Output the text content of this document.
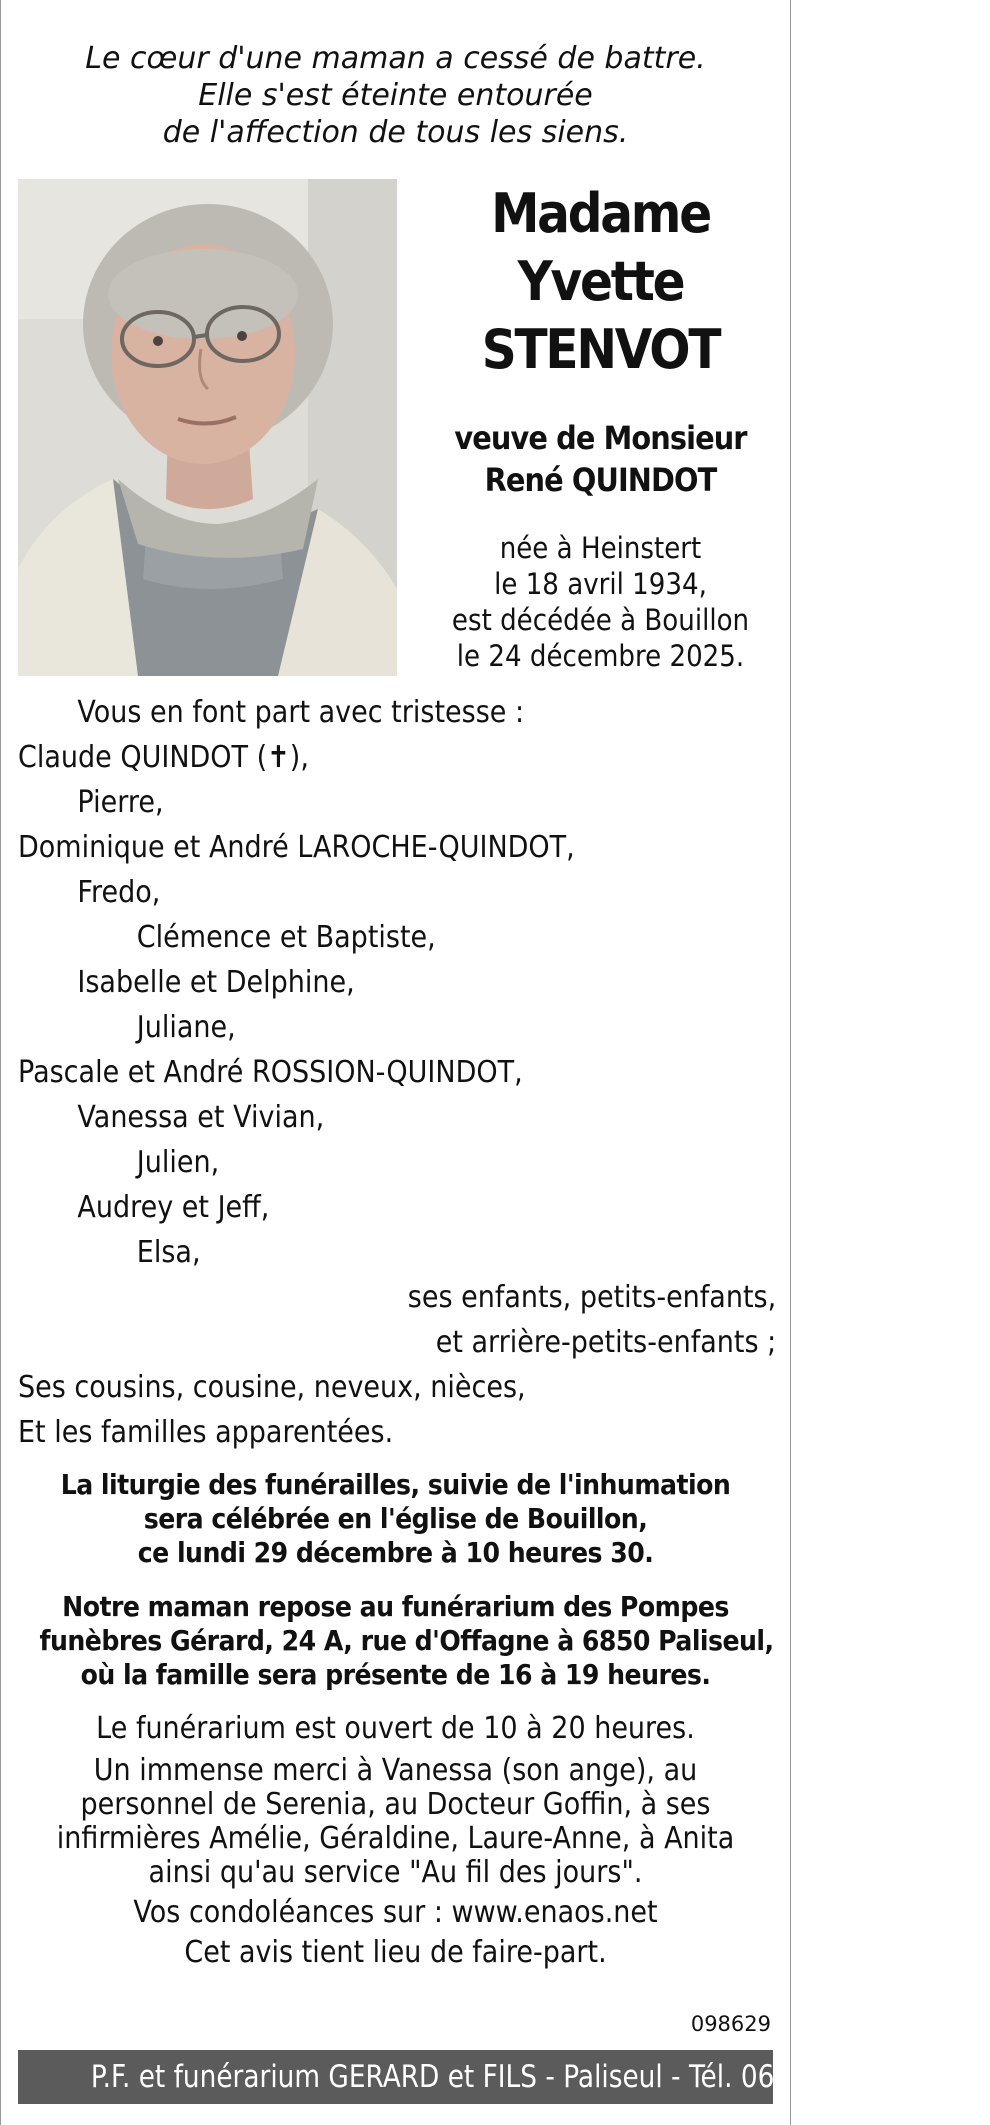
Le cœur d'une maman a cessé de battre.
Elle s'est éteinte entourée
de l'affection de tous les siens.
Madame
Yvette
STENVOT
veuve de Monsieur
René QUINDOT
née à Heinstert
le 18 avril 1934,
est décédée à Bouillon
le 24 décembre 2025.
Vous en font part avec tristesse :
Claude QUINDOT (✝),
Pierre,
Dominique et André LAROCHE-QUINDOT,
Fredo,
Clémence et Baptiste,
Isabelle et Delphine,
Juliane,
Pascale et André ROSSION-QUINDOT,
Vanessa et Vivian,
Julien,
Audrey et Jeff,
Elsa,
ses enfants, petits-enfants,
et arrière-petits-enfants ;
Ses cousins, cousine, neveux, nièces,
Et les familles apparentées.
La liturgie des funérailles, suivie de l'inhumation
sera célébrée en l'église de Bouillon,
ce lundi 29 décembre à 10 heures 30.
Notre maman repose au funérarium des Pompes
funèbres Gérard, 24 A, rue d'Offagne à 6850 Paliseul,
où la famille sera présente de 16 à 19 heures.
Le funérarium est ouvert de 10 à 20 heures.
Un immense merci à Vanessa (son ange), au
personnel de Serenia, au Docteur Goffin, à ses
infirmières Amélie, Géraldine, Laure-Anne, à Anita
ainsi qu'au service "Au fil des jours".
Vos condoléances sur : www.enaos.net
Cet avis tient lieu de faire-part.
098629
P.F. et funérarium GERARD et FILS - Paliseul - Tél. 061 53 32 84
